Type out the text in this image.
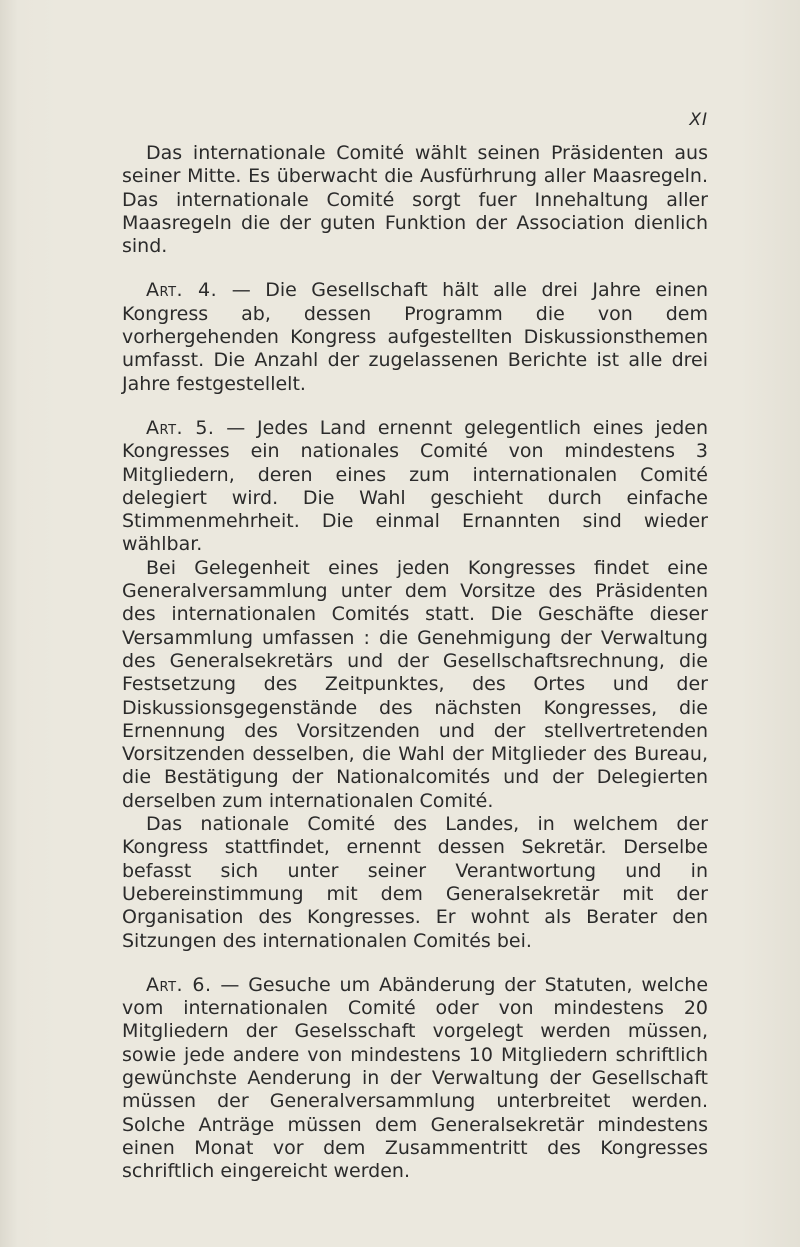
XI

Das internationale Comité wählt seinen Präsidenten aus seiner Mitte. Es überwacht die Ausfürhrung aller Maasregeln. Das internationale Comité sorgt fuer Innehaltung aller Maasregeln die der guten Funktion der Association dienlich sind.

Art. 4. — Die Gesellschaft hält alle drei Jahre einen Kongress ab, dessen Programm die von dem vorhergehenden Kongress aufgestellten Diskussionsthemen umfasst. Die Anzahl der zugelassenen Berichte ist alle drei Jahre festgestellelt.

Art. 5. — Jedes Land ernennt gelegentlich eines jeden Kongresses ein nationales Comité von mindestens 3 Mitgliedern, deren eines zum internationalen Comité delegiert wird. Die Wahl geschieht durch einfache Stimmenmehrheit. Die einmal Ernannten sind wieder wählbar.

Bei Gelegenheit eines jeden Kongresses findet eine Generalversammlung unter dem Vorsitze des Präsidenten des internationalen Comités statt. Die Geschäfte dieser Versammlung umfassen : die Genehmigung der Verwaltung des Generalsekretärs und der Gesellschaftsrechnung, die Festsetzung des Zeitpunktes, des Ortes und der Diskussionsgegenstände des nächsten Kongresses, die Ernennung des Vorsitzenden und der stellvertretenden Vorsitzenden desselben, die Wahl der Mitglieder des Bureau, die Bestätigung der Nationalcomités und der Delegierten derselben zum internationalen Comité.

Das nationale Comité des Landes, in welchem der Kongress stattfindet, ernennt dessen Sekretär. Derselbe befasst sich unter seiner Verantwortung und in Uebereinstimmung mit dem Generalsekretär mit der Organisation des Kongresses. Er wohnt als Berater den Sitzungen des internationalen Comités bei.

Art. 6. — Gesuche um Abänderung der Statuten, welche vom internationalen Comité oder von mindestens 20 Mitgliedern der Geselsschaft vorgelegt werden müssen, sowie jede andere von mindestens 10 Mitgliedern schriftlich gewünchste Aenderung in der Verwaltung der Gesellschaft müssen der Generalversammlung unterbreitet werden. Solche Anträge müssen dem Generalsekretär mindestens einen Monat vor dem Zusammentritt des Kongresses schriftlich eingereicht werden.
